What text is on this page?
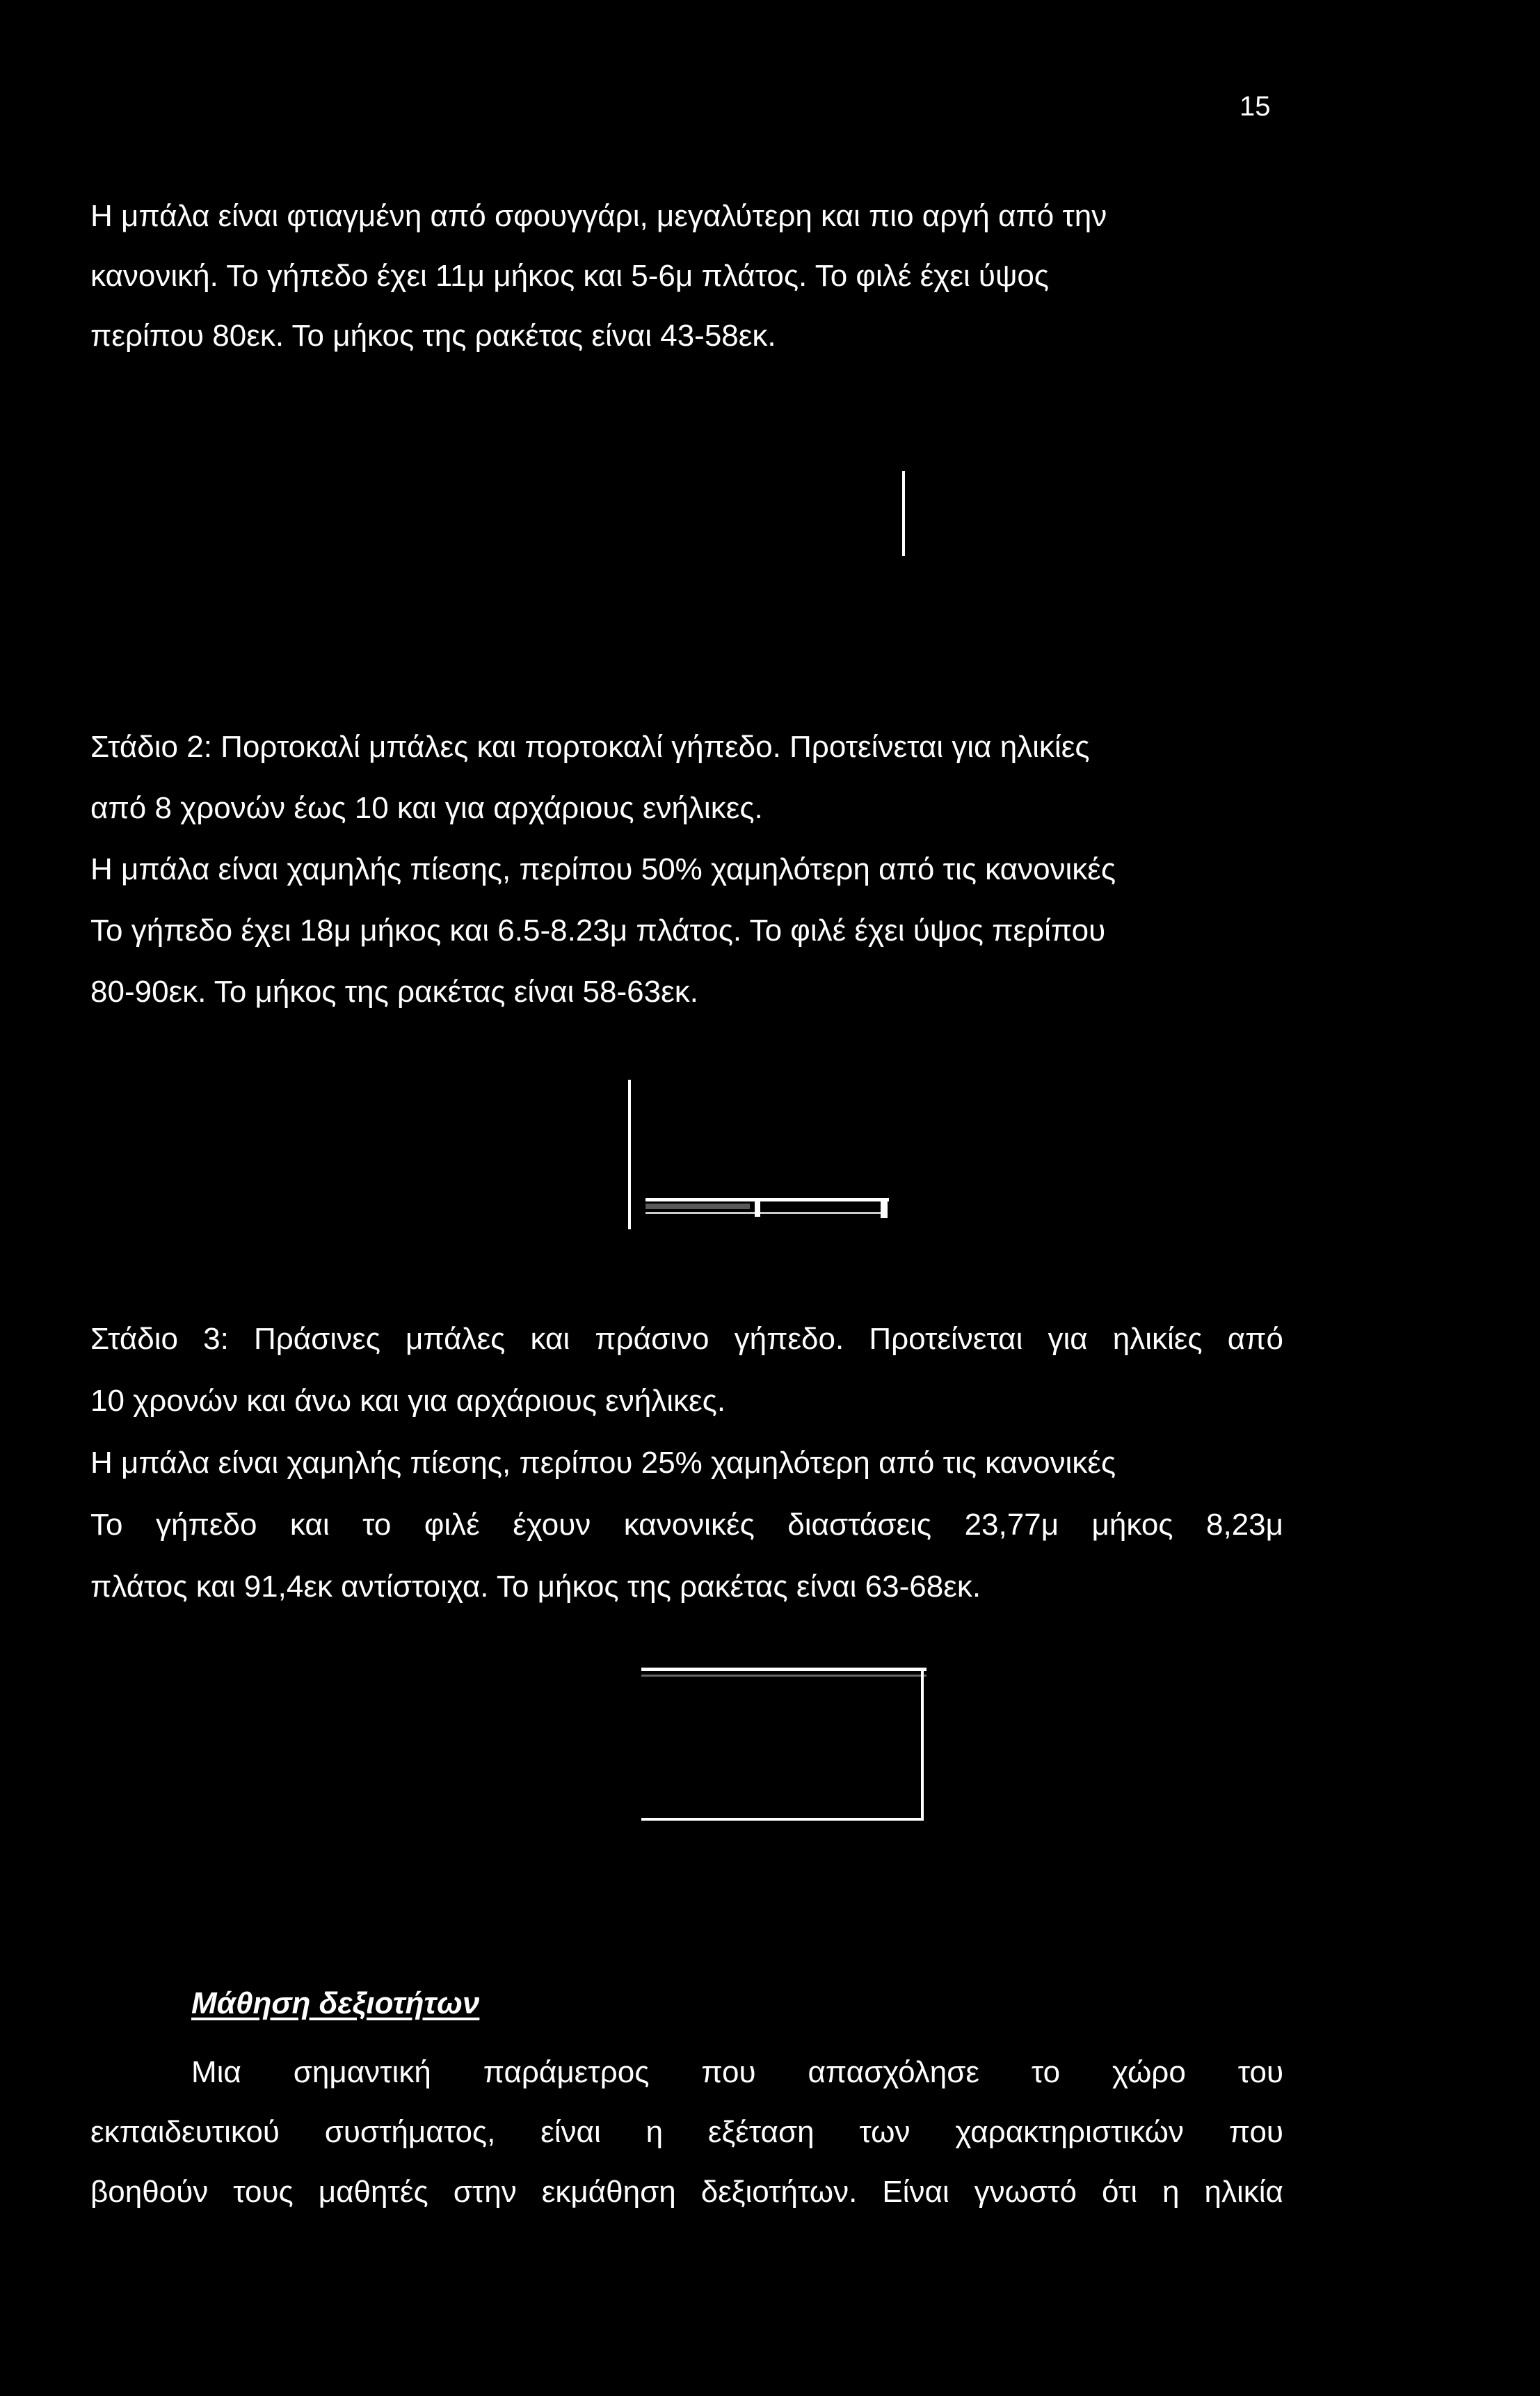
15

Η μπάλα είναι φτιαγμένη από σφουγγάρι, μεγαλύτερη και πιο αργή από την
κανονική. Το γήπεδο έχει 11μ μήκος και 5-6μ πλάτος. Το φιλέ έχει ύψος
περίπου 80εκ. Το μήκος της ρακέτας είναι 43-58εκ.

Στάδιο 2: Πορτοκαλί μπάλες και πορτοκαλί γήπεδο. Προτείνεται για ηλικίες
από 8 χρονών έως 10 και για αρχάριους ενήλικες.
Η μπάλα είναι χαμηλής πίεσης, περίπου 50% χαμηλότερη από τις κανονικές
Το γήπεδο έχει 18μ μήκος και 6.5-8.23μ πλάτος. Το φιλέ έχει ύψος περίπου
80-90εκ. Το μήκος της ρακέτας είναι 58-63εκ.

Στάδιο 3: Πράσινες μπάλες και πράσινο γήπεδο. Προτείνεται για ηλικίες από
10 χρονών και άνω και για αρχάριους ενήλικες.
Η μπάλα είναι χαμηλής πίεσης, περίπου 25% χαμηλότερη από τις κανονικές
Το γήπεδο και το φιλέ έχουν κανονικές διαστάσεις 23,77μ μήκος 8,23μ
πλάτος και 91,4εκ αντίστοιχα. Το μήκος της ρακέτας είναι 63-68εκ.
Μάθηση δεξιοτήτων
Μια σημαντική παράμετρος που απασχόλησε το χώρο του
εκπαιδευτικού συστήματος, είναι η εξέταση των χαρακτηριστικών που
βοηθούν τους μαθητές στην εκμάθηση δεξιοτήτων. Είναι γνωστό ότι η ηλικία
